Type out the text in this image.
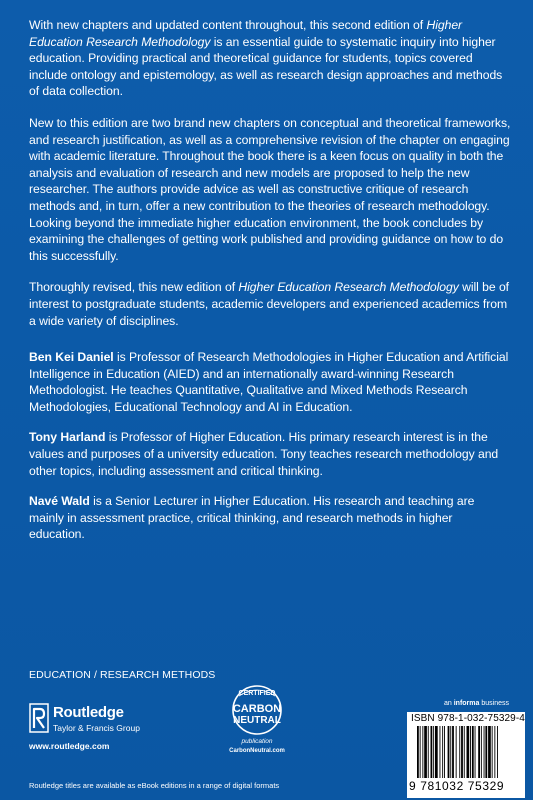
With new chapters and updated content throughout, this second edition of Higher Education Research Methodology is an essential guide to systematic inquiry into higher education. Providing practical and theoretical guidance for students, topics covered include ontology and epistemology, as well as research design approaches and methods of data collection.

New to this edition are two brand new chapters on conceptual and theoretical frameworks, and research justification, as well as a comprehensive revision of the chapter on engaging with academic literature. Throughout the book there is a keen focus on quality in both the analysis and evaluation of research and new models are proposed to help the new researcher. The authors provide advice as well as constructive critique of research methods and, in turn, offer a new contribution to the theories of research methodology. Looking beyond the immediate higher education environment, the book concludes by examining the challenges of getting work published and providing guidance on how to do this successfully.

Thoroughly revised, this new edition of Higher Education Research Methodology will be of interest to postgraduate students, academic developers and experienced academics from a wide variety of disciplines.

Ben Kei Daniel is Professor of Research Methodologies in Higher Education and Artificial Intelligence in Education (AIED) and an internationally award-winning Research Methodologist. He teaches Quantitative, Qualitative and Mixed Methods Research Methodologies, Educational Technology and AI in Education.

Tony Harland is Professor of Higher Education. His primary research interest is in the values and purposes of a university education. Tony teaches research methodology and other topics, including assessment and critical thinking.

Navé Wald is a Senior Lecturer in Higher Education. His research and teaching are mainly in assessment practice, critical thinking, and research methods in higher education.

EDUCATION / RESEARCH METHODS
Routledge
Taylor & Francis Group
www.routledge.com
CERTIFIED
CARBON
NEUTRAL
publication
CarbonNeutral.com
an informa business
ISBN 978-1-032-75329-4
9 781032 75329
Routledge titles are available as eBook editions in a range of digital formats
